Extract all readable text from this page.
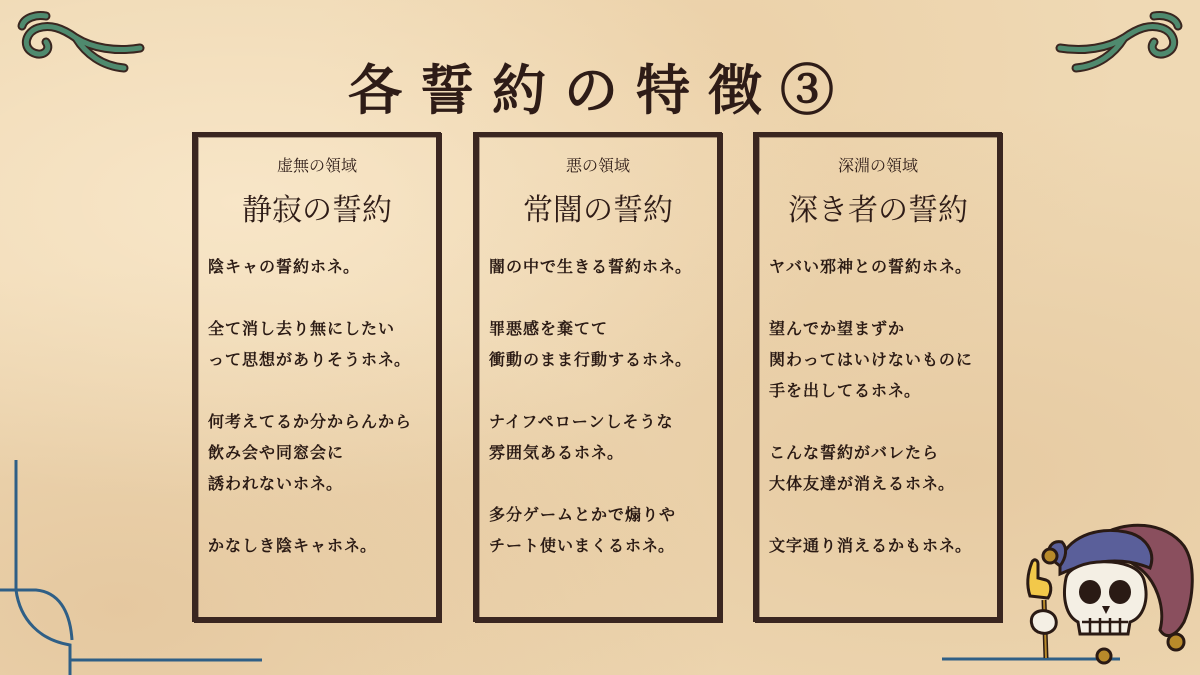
各誓約の特徴③
虚無の領域
静寂の誓約
陰キャの誓約ホネ。

全て消し去り無にしたい
って思想がありそうホネ。

何考えてるか分からんから
飲み会や同窓会に
誘われないホネ。

かなしき陰キャホネ。
悪の領域
常闇の誓約
闇の中で生きる誓約ホネ。

罪悪感を棄てて
衝動のまま行動するホネ。

ナイフペローンしそうな
雰囲気あるホネ。

多分ゲームとかで煽りや
チート使いまくるホネ。
深淵の領域
深き者の誓約
ヤバい邪神との誓約ホネ。

望んでか望まずか
関わってはいけないものに
手を出してるホネ。

こんな誓約がバレたら
大体友達が消えるホネ。

文字通り消えるかもホネ。
